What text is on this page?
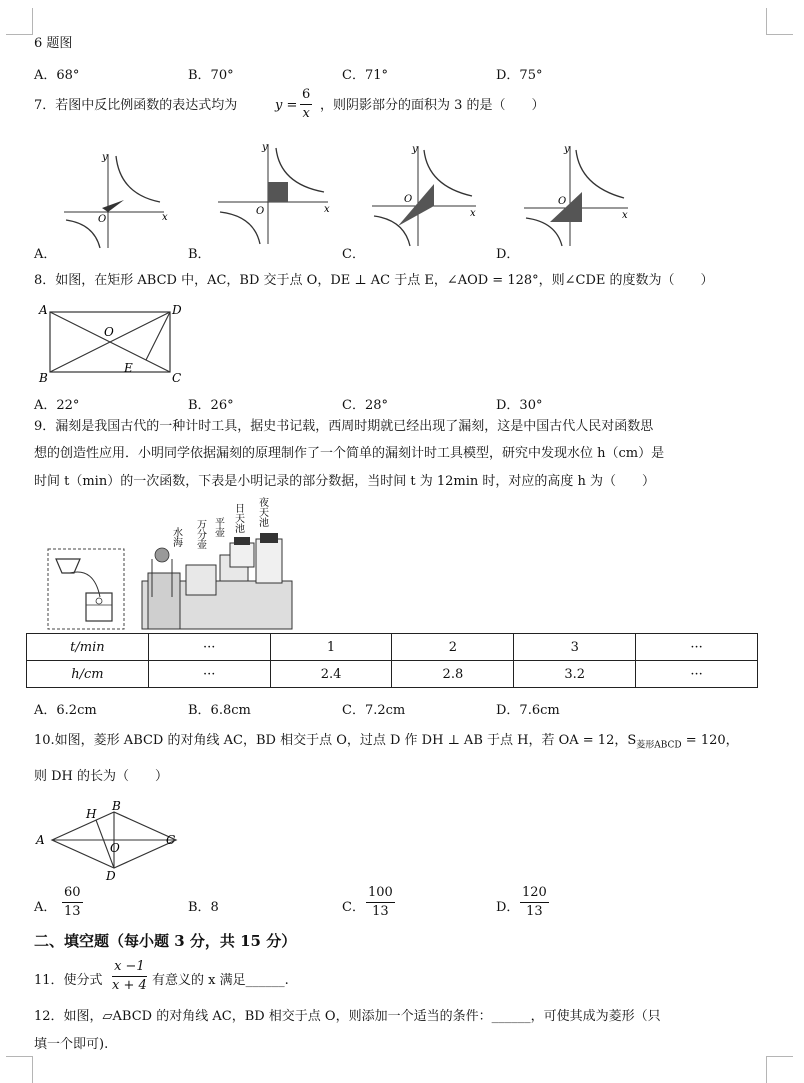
6 题图
A．68°	B．70°	C．71°	D．75°
7．若图中反比例函数的表达式均为	$y = \frac{6}{x}$ ，则阴影部分的面积为 3 的是（　　）
y
x
O
y
x
O
y
x
O
y
x
O
A．	B．	C．	D．
8．如图，在矩形 ABCD 中，AC，BD 交于点 O，DE ⊥ AC 于点 E，∠AOD = 128°，则∠CDE 的度数为（　　）
A	D
B	C
O
E
A．22°	B．26°	C．28°	D．30°
9．漏刻是我国古代的一种计时工具，据史书记载，西周时期就已经出现了漏刻，这是中国古代人民对函数思
想的创造性应用．小明同学依据漏刻的原理制作了一个简单的漏刻计时工具模型，研究中发现水位 h（cm）是
时间 t（min）的一次函数，下表是小明记录的部分数据，当时间 t 为 12min 时，对应的高度 h 为（　　）
水海 万分壶 平壶 日天池 夜天池
t/min	···	1	2	3	···
h/cm	···	2.4	2.8	3.2	···
A．6.2cm	B．6.8cm	C．7.2cm	D．7.6cm
10.如图，菱形 ABCD 的对角线 AC，BD 相交于点 O，过点 D 作 DH ⊥ AB 于点 H，若 OA = 12，$S_{菱形ABCD} = 120$，
则 DH 的长为（　　）
A
B
C
D
O
H
A． $\frac{60}{13}$	B．8	C． $\frac{100}{13}$	D． $\frac{120}{13}$
二、填空题（每小题 3 分，共 15 分）
11．使分式 $\frac{x -1}{x + 4}$ 有意义的 x 满足______.
12．如图，▱ABCD 的对角线 AC，BD 相交于点 O，则添加一个适当的条件：______，可使其成为菱形（只
填一个即可).
